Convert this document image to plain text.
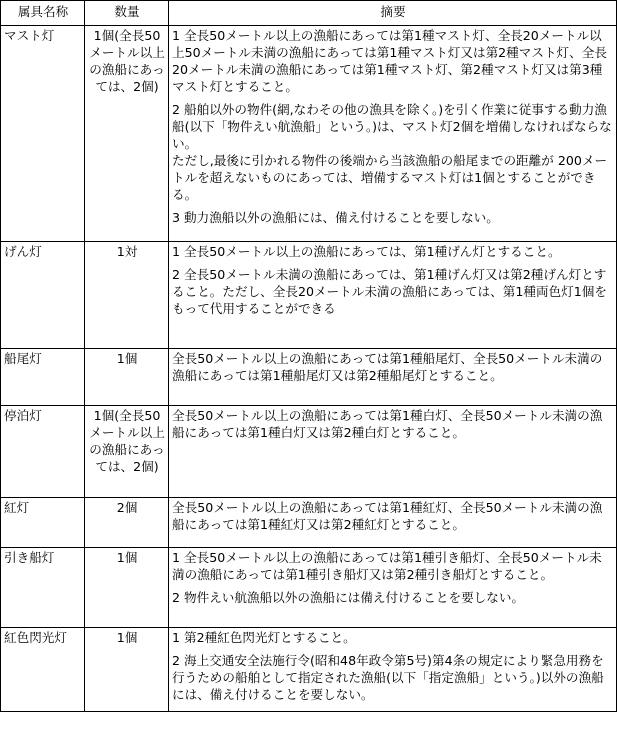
属具名称	数量	摘要
マスト灯	1個(全長50メートル以上の漁船にあっては、2個)	1 全長50メートル以上の漁船にあっては第1種マスト灯、全長20メートル以上50メートル未満の漁船にあっては第1種マスト灯又は第2種マスト灯、全長20メートル未満の漁船にあっては第1種マスト灯、第2種マスト灯又は第3種マスト灯とすること。

2 船舶以外の物件(網,なわその他の漁具を除く。)を引く作業に従事する動力漁船(以下「物件えい航漁船」という。)は、マスト灯2個を増備しなければならない。

ただし,最後に引かれる物件の後端から当該漁船の船尾までの距離が 200メートルを超えないものにあっては、増備するマスト灯は1個とすることができる。

3 動力漁船以外の漁船には、備え付けることを要しない。

げん灯	1対	1 全長50メートル以上の漁船にあっては、第1種げん灯とすること。

2 全長50メートル未満の漁船にあっては、第1種げん灯又は第2種げん灯とすること。ただし、全長20メートル未満の漁船にあっては、第1種両色灯1個をもって代用することができる

船尾灯	1個	全長50メートル以上の漁船にあっては第1種船尾灯、全長50メートル未満の漁船にあっては第1種船尾灯又は第2種船尾灯とすること。

停泊灯	1個(全長50メートル以上の漁船にあっては、2個)	全長50メートル以上の漁船にあっては第1種白灯、全長50メートル未満の漁船にあっては第1種白灯又は第2種白灯とすること。

紅灯	2個	全長50メートル以上の漁船にあっては第1種紅灯、全長50メートル未満の漁船にあっては第1種紅灯又は第2種紅灯とすること。

引き船灯	1個	1 全長50メートル以上の漁船にあっては第1種引き船灯、全長50メートル未満の漁船にあっては第1種引き船灯又は第2種引き船灯とすること。

2 物件えい航漁船以外の漁船には備え付けることを要しない。

紅色閃光灯	1個	1 第2種紅色閃光灯とすること。

2 海上交通安全法施行令(昭和48年政令第5号)第4条の規定により緊急用務を行うための船舶として指定された漁船(以下「指定漁船」という。)以外の漁船には、備え付けることを要しない。
